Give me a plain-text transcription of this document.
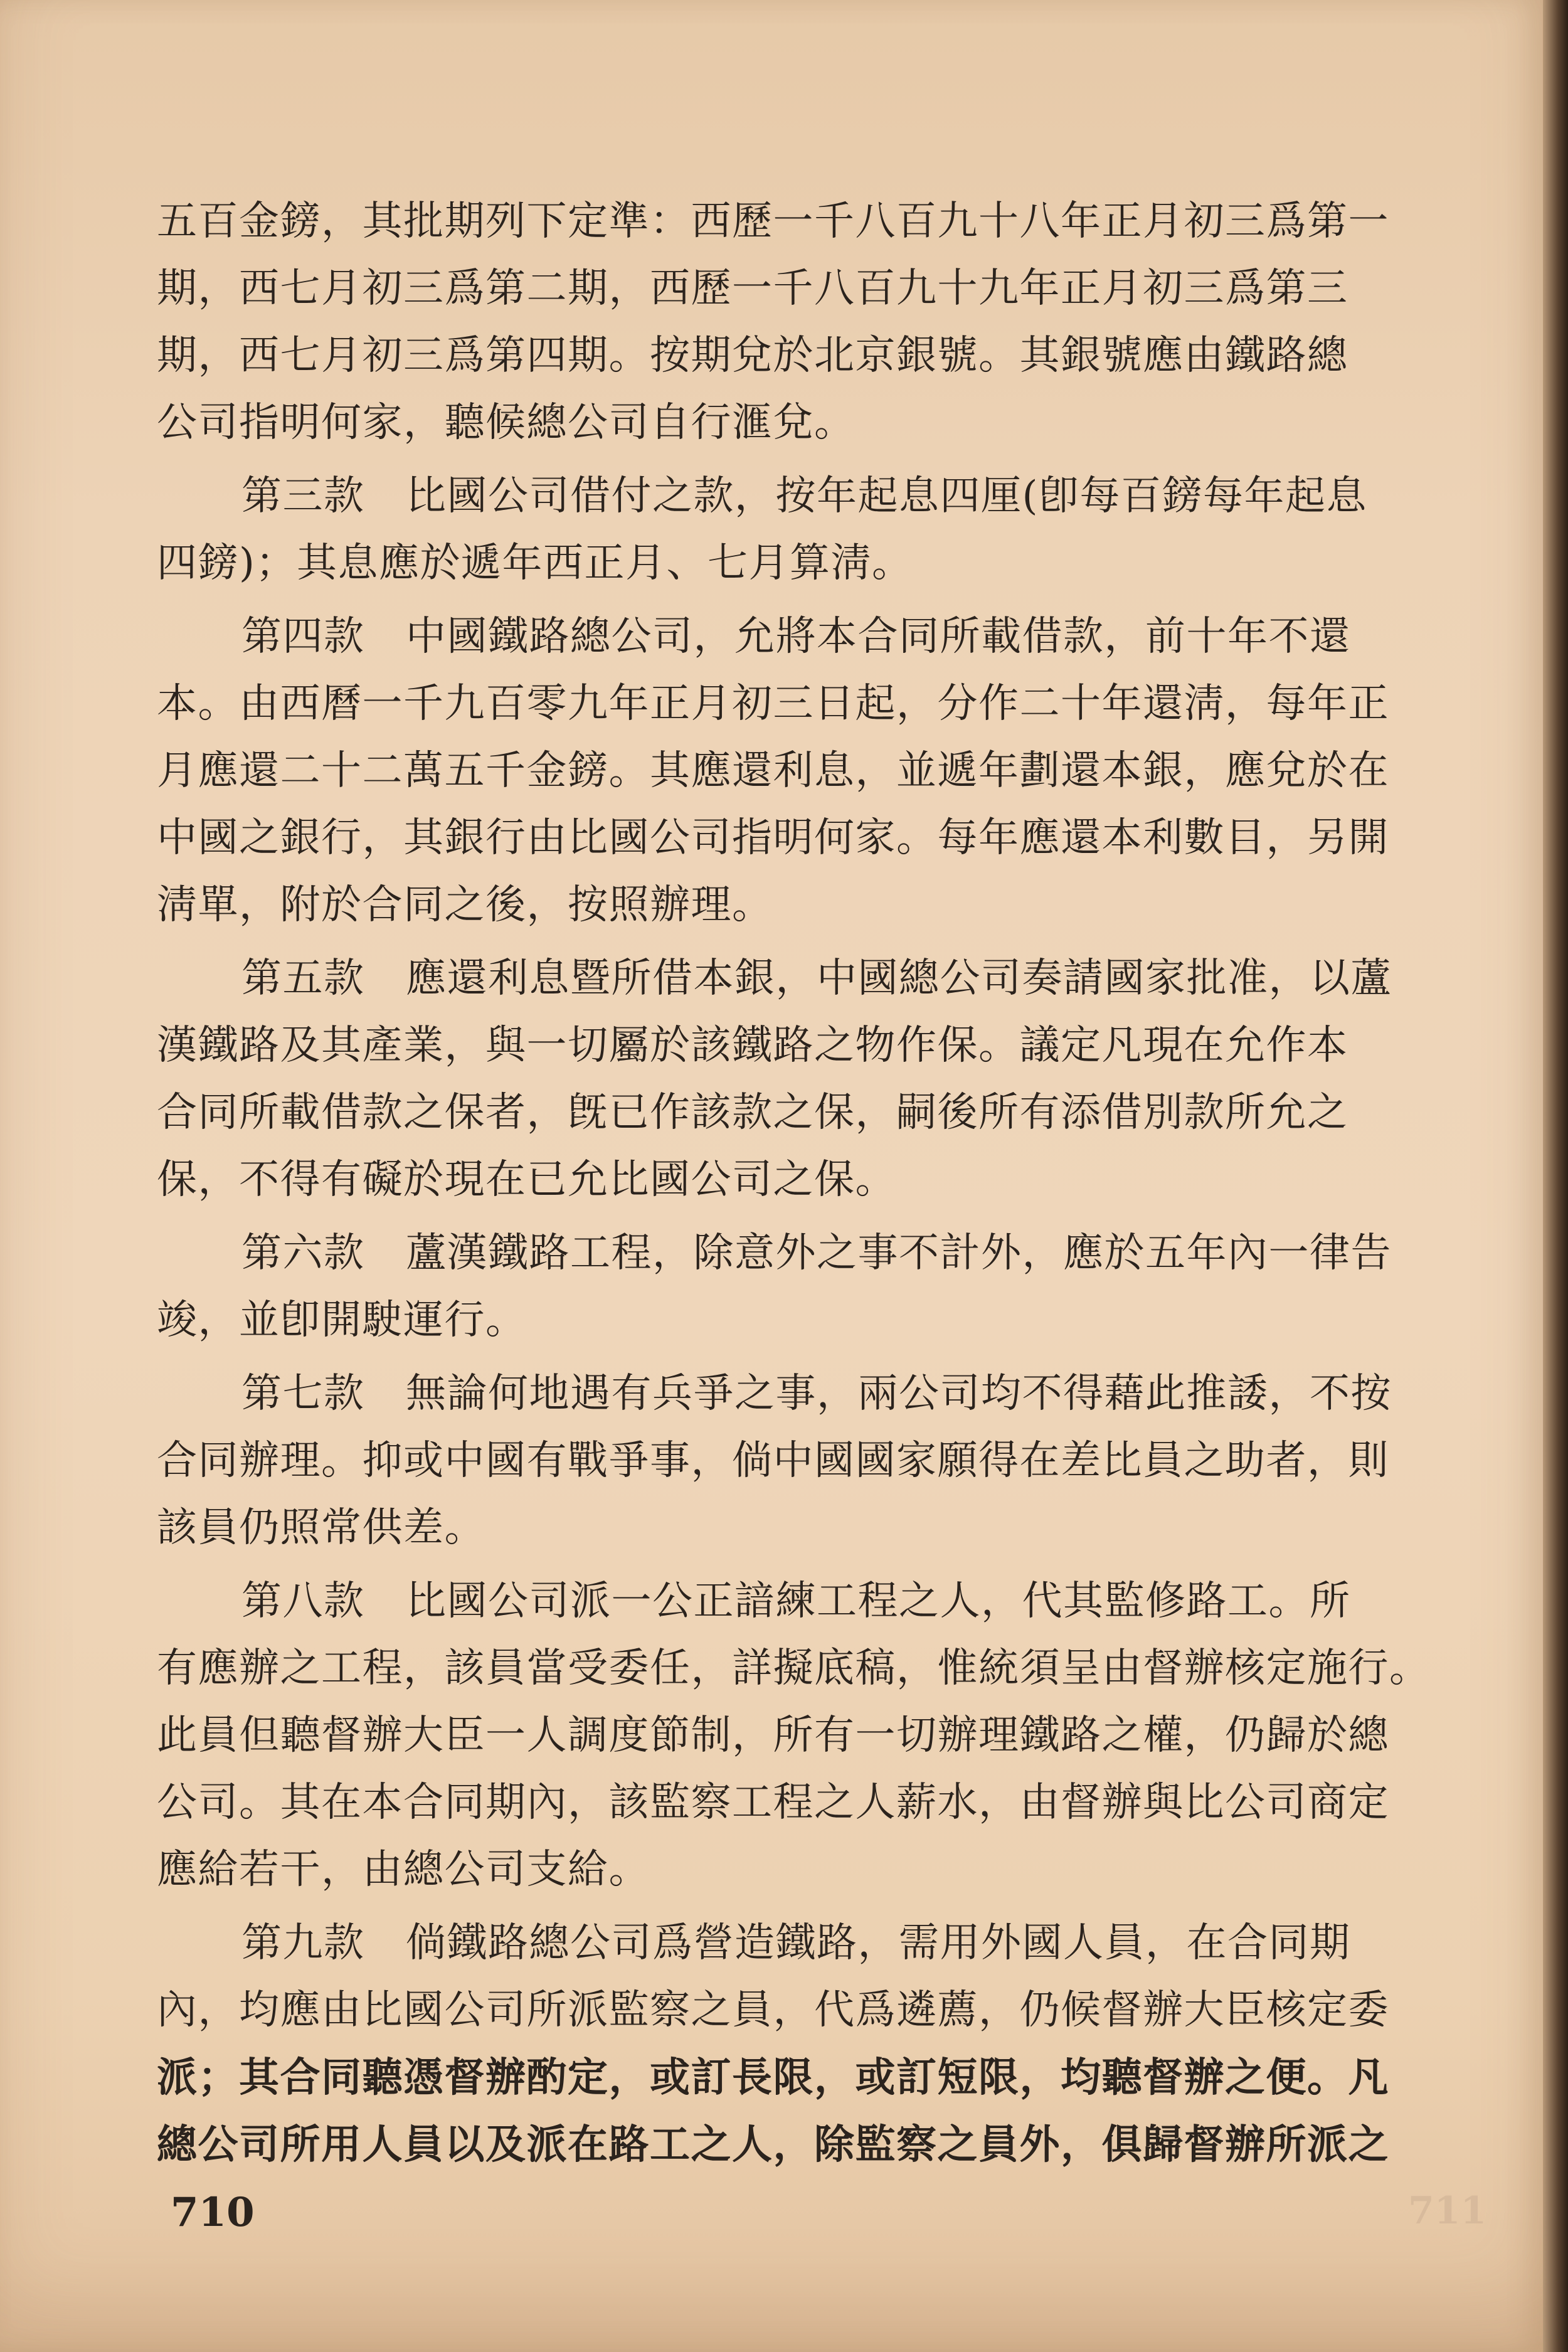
五百金鎊，其批期列下定準：西歷一千八百九十八年正月初三爲第一
期，西七月初三爲第二期，西歷一千八百九十九年正月初三爲第三
期，西七月初三爲第四期。按期兌於北京銀號。其銀號應由鐵路總
公司指明何家，聽候總公司自行滙兌。
第三款　比國公司借付之款，按年起息四厘(卽每百鎊每年起息
四鎊)；其息應於遞年西正月、七月算淸。
第四款　中國鐵路總公司，允將本合同所載借款，前十年不還
本。由西曆一千九百零九年正月初三日起，分作二十年還淸，每年正
月應還二十二萬五千金鎊。其應還利息，並遞年劃還本銀，應兌於在
中國之銀行，其銀行由比國公司指明何家。每年應還本利數目，另開
淸單，附於合同之後，按照辦理。
第五款　應還利息暨所借本銀，中國總公司奏請國家批准，以蘆
漢鐵路及其產業，與一切屬於該鐵路之物作保。議定凡現在允作本
合同所載借款之保者，旣已作該款之保，嗣後所有添借別款所允之
保，不得有礙於現在已允比國公司之保。
第六款　蘆漢鐵路工程，除意外之事不計外，應於五年內一律告
竣，並卽開駛運行。
第七款　無論何地遇有兵爭之事，兩公司均不得藉此推諉，不按
合同辦理。抑或中國有戰爭事，倘中國國家願得在差比員之助者，則
該員仍照常供差。
第八款　比國公司派一公正諳練工程之人，代其監修路工。所
有應辦之工程，該員當受委任，詳擬底稿，惟統須呈由督辦核定施行。
此員但聽督辦大臣一人調度節制，所有一切辦理鐵路之權，仍歸於總
公司。其在本合同期內，該監察工程之人薪水，由督辦與比公司商定
應給若干，由總公司支給。
第九款　倘鐵路總公司爲營造鐵路，需用外國人員，在合同期
內，均應由比國公司所派監察之員，代爲遴薦，仍候督辦大臣核定委
派；其合同聽憑督辦酌定，或訂長限，或訂短限，均聽督辦之便。凡
總公司所用人員以及派在路工之人，除監察之員外，俱歸督辦所派之
710	711
